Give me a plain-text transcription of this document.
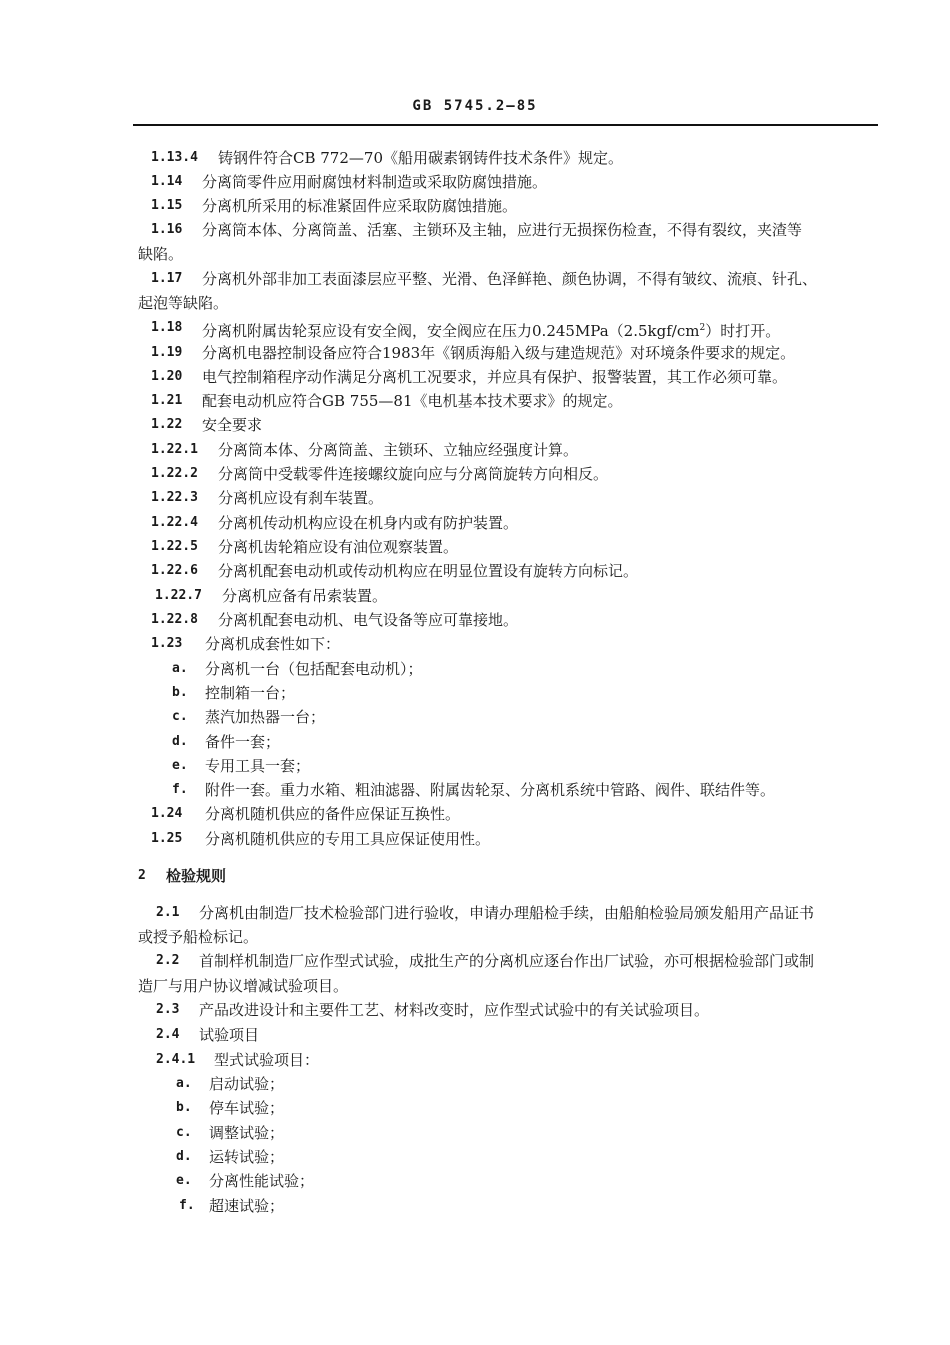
GB 5745.2—85
1.13.4 铸钢件符合CB 772—70《船用碳素钢铸件技术条件》规定。
1.14 分离筒零件应用耐腐蚀材料制造或采取防腐蚀措施。
1.15 分离机所采用的标准紧固件应采取防腐蚀措施。
1.16 分离筒本体、分离筒盖、活塞、主锁环及主轴，应进行无损探伤检查，不得有裂纹，夹渣等
缺陷。
1.17 分离机外部非加工表面漆层应平整、光滑、色泽鲜艳、颜色协调，不得有皱纹、流痕、针孔、
起泡等缺陷。
1.18 分离机附属齿轮泵应设有安全阀，安全阀应在压力$0.245MPa(2.5kgf/cm^2)$时打开。
1.19 分离机电器控制设备应符合1983年《钢质海船入级与建造规范》对环境条件要求的规定。
1.20 电气控制箱程序动作满足分离机工况要求，并应具有保护、报警装置，其工作必须可靠。
1.21 配套电动机应符合GB 755—81《电机基本技术要求》的规定。
1.22 安全要求
1.22.1 分离筒本体、分离筒盖、主锁环、立轴应经强度计算。
1.22.2 分离筒中受载零件连接螺纹旋向应与分离筒旋转方向相反。
1.22.3 分离机应设有刹车装置。
1.22.4 分离机传动机构应设在机身内或有防护装置。
1.22.5 分离机齿轮箱应设有油位观察装置。
1.22.6 分离机配套电动机或传动机构应在明显位置设有旋转方向标记。
1.22.7 分离机应备有吊索装置。
1.22.8 分离机配套电动机、电气设备等应可靠接地。
1.23 分离机成套性如下：
a. 分离机一台（包括配套电动机）；
b. 控制箱一台；
c. 蒸汽加热器一台；
d. 备件一套；
e. 专用工具一套；
f. 附件一套。重力水箱、粗油滤器、附属齿轮泵、分离机系统中管路、阀件、联结件等。
1.24 分离机随机供应的备件应保证互换性。
1.25 分离机随机供应的专用工具应保证使用性。
2 检验规则
2.1 分离机由制造厂技术检验部门进行验收，申请办理船检手续，由船舶检验局颁发船用产品证书
或授予船检标记。
2.2 首制样机制造厂应作型式试验，成批生产的分离机应逐台作出厂试验，亦可根据检验部门或制
造厂与用户协议增减试验项目。
2.3 产品改进设计和主要件工艺、材料改变时，应作型式试验中的有关试验项目。
2.4 试验项目
2.4.1 型式试验项目：
a. 启动试验；
b. 停车试验；
c. 调整试验；
d. 运转试验；
e. 分离性能试验；
f. 超速试验；
